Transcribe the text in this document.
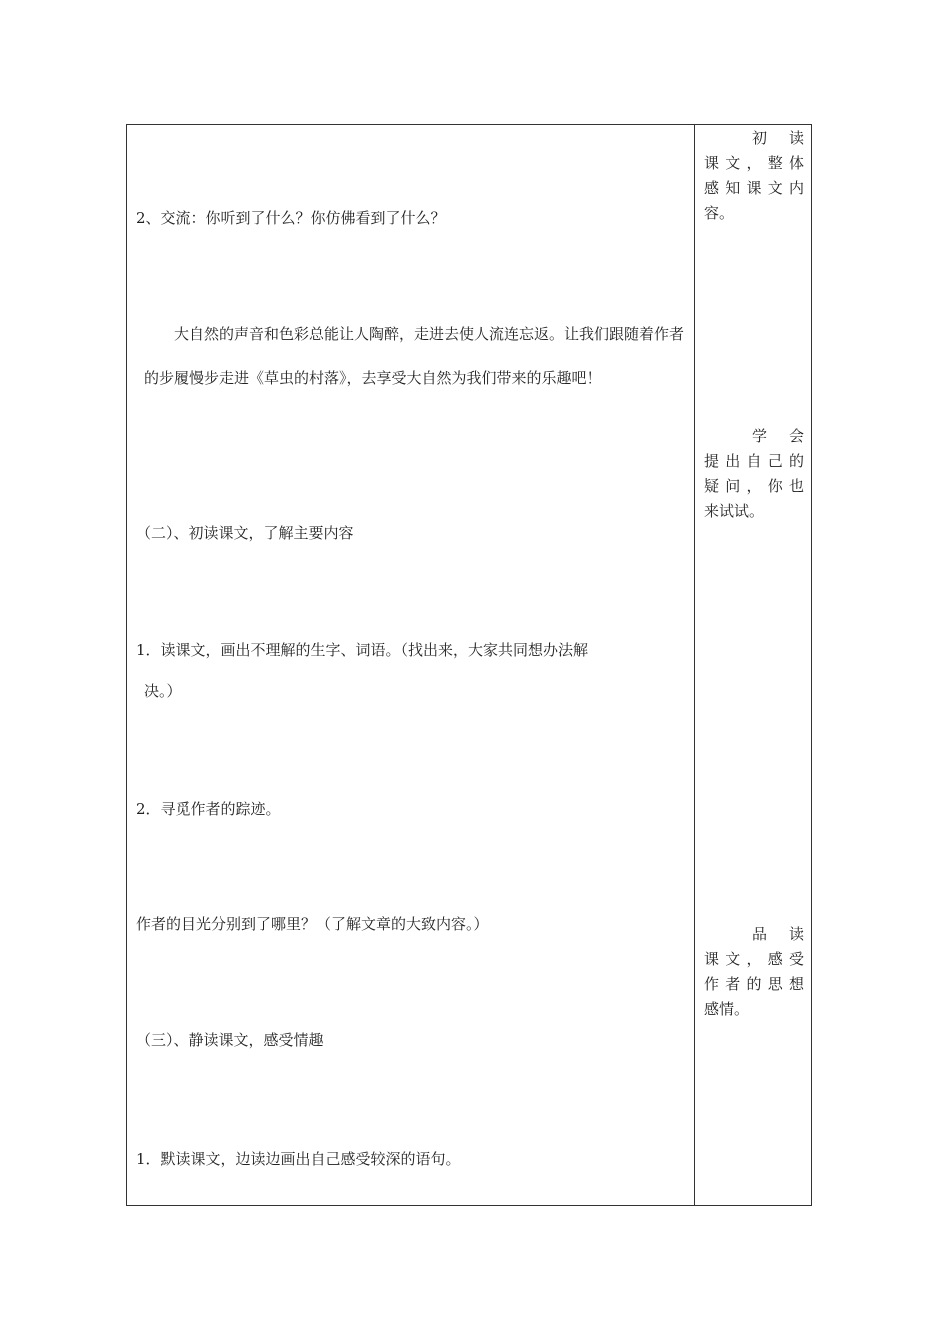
2、交流：你听到了什么？你仿佛看到了什么？
大自然的声音和色彩总能让人陶醉，走进去使人流连忘返。让我们跟随着作者的步履慢步走进《草虫的村落》，去享受大自然为我们带来的乐趣吧！
（二）、初读课文，了解主要内容
1．读课文，画出不理解的生字、词语。（找出来，大家共同想办法解
决。）
2．寻觅作者的踪迹。
作者的目光分别到了哪里？（了解文章的大致内容。）
（三）、静读课文，感受情趣
1．默读课文，边读边画出自己感受较深的语句。
初读
课文，整体
感知课文内
容。
学会
提出自己的
疑问，你也
来试试。
品读
课文，感受
作者的思想
感情。
